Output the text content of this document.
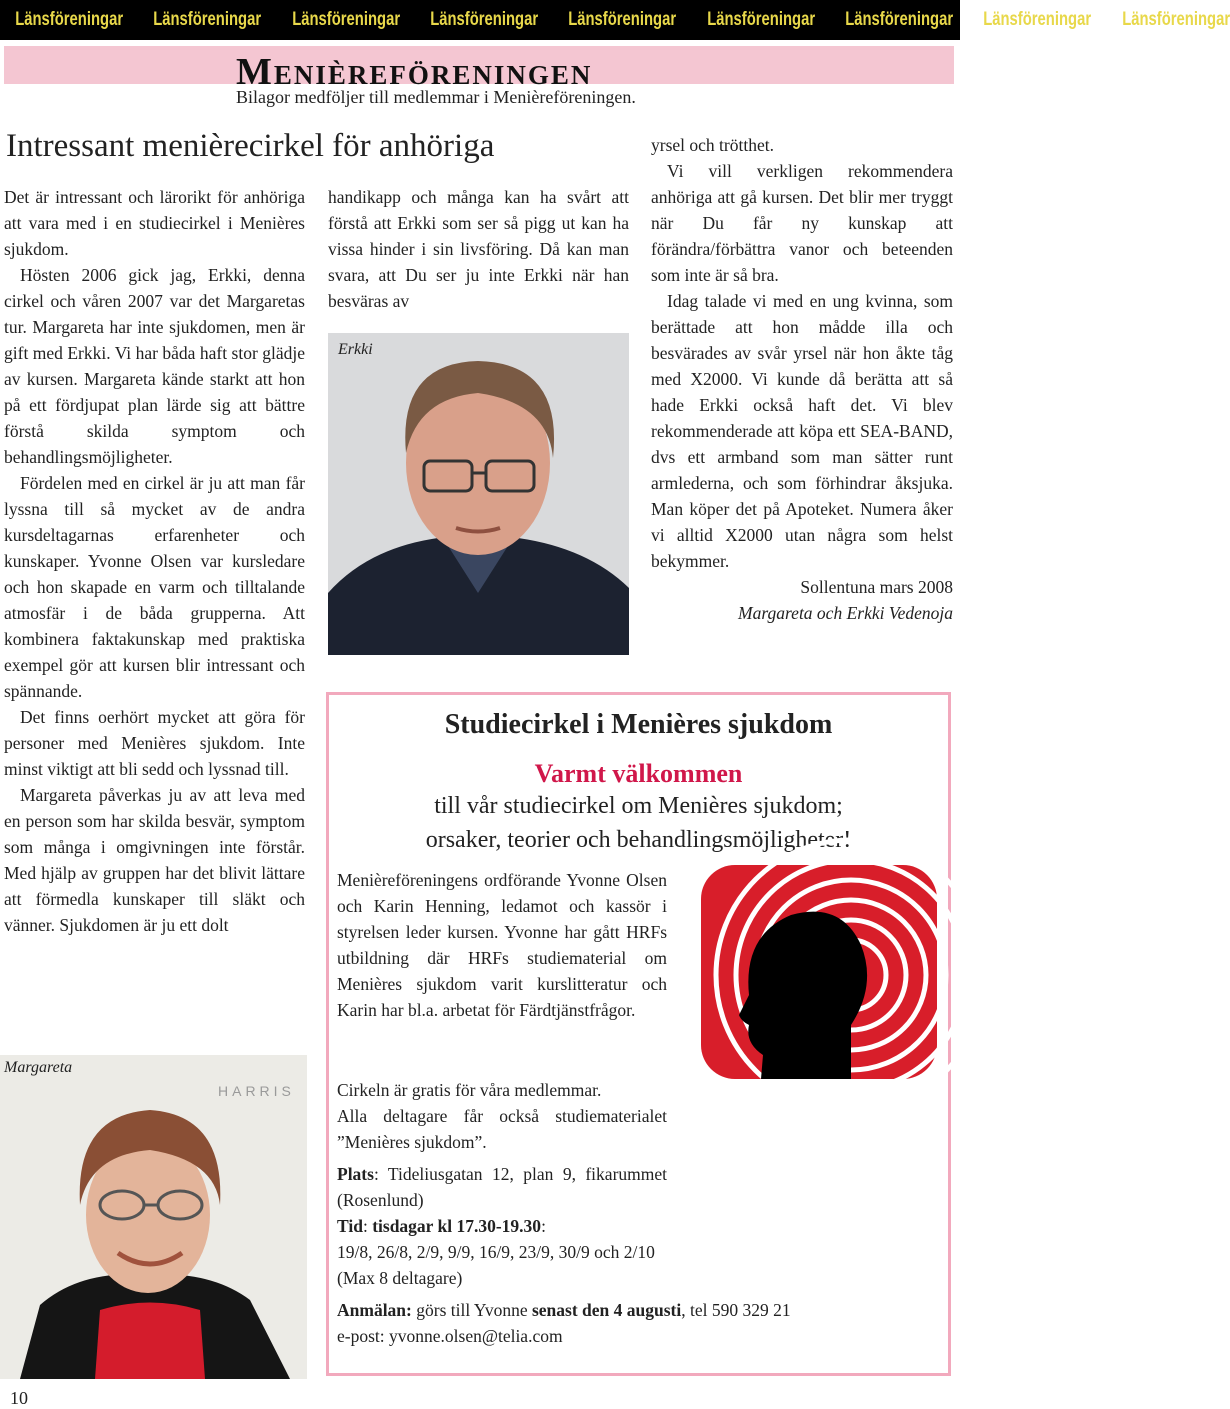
Länsföreningar Länsföreningar Länsföreningar Länsföreningar Länsföreningar Länsföreningar Länsföreningar Länsföreningar Länsföreningar
Menièreföreningen
Bilagor medföljer till medlemmar i Menièreföreningen.
Intressant menièrecirkel för anhöriga

Det är intressant och lärorikt för anhöriga att vara med i en studiecirkel i Menières sjukdom.

Hösten 2006 gick jag, Erkki, denna cirkel och våren 2007 var det Margaretas tur. Margareta har inte sjukdomen, men är gift med Erkki. Vi har båda haft stor glädje av kursen. Margareta kände starkt att hon på ett fördjupat plan lärde sig att bättre förstå skilda symptom och behandlingsmöjligheter.

Fördelen med en cirkel är ju att man får lyssna till så mycket av de andra kursdeltagarnas erfarenheter och kunskaper. Yvonne Olsen var kursledare och hon skapade en varm och tilltalande atmosfär i de båda grupperna. Att kombinera faktakunskap med praktiska exempel gör att kursen blir intressant och spännande.

Det finns oerhört mycket att göra för personer med Menières sjukdom. Inte minst viktigt att bli sedd och lyssnad till.

Margareta påverkas ju av att leva med en person som har skilda besvär, symptom som många i omgivningen inte förstår. Med hjälp av gruppen har det blivit lättare att förmedla kunskaper till släkt och vänner. Sjukdomen är ju ett dolt

HARRIS
Margareta

handikapp och många kan ha svårt att förstå att Erkki som ser så pigg ut kan ha vissa hinder i sin livsföring. Då kan man svara, att Du ser ju inte Erkki när han besväras av

Erkki

yrsel och trötthet.

Vi vill verkligen rekommendera anhöriga att gå kursen. Det blir mer tryggt när Du får ny kunskap att förändra/förbättra vanor och beteenden som inte är så bra.

Idag talade vi med en ung kvinna, som berättade att hon mådde illa och besvärades av svår yrsel när hon åkte tåg med X2000. Vi kunde då berätta att så hade Erkki också haft det. Vi blev rekommenderade att köpa ett SEA-BAND, dvs ett armband som man sätter runt armlederna, och som förhindrar åksjuka. Man köper det på Apoteket. Numera åker vi alltid X2000 utan några som helst bekymmer.

Sollentuna mars 2008

Margareta och Erkki Vedenoja

Studiecirkel i Menières sjukdom
Varmt välkommen
till vår studiecirkel om Menières sjukdom;
orsaker, teorier och behandlingsmöjligheter!

Menièreföreningens ordförande Yvonne Olsen och Karin Henning, ledamot och kassör i styrelsen leder kursen. Yvonne har gått HRFs utbildning där HRFs studiematerial om Menières sjukdom varit kurslitteratur och Karin har bl.a. arbetat för Färdtjänstfrågor.

Cirkeln är gratis för våra medlemmar.

Alla deltagare får också studiematerialet ”Menières sjukdom”.

Plats: Tideliusgatan 12, plan 9, fikarummet (Rosenlund)

Tid: tisdagar kl 17.30-19.30:

19/8, 26/8, 2/9, 9/9, 16/9, 23/9, 30/9 och 2/10

(Max 8 deltagare)

Anmälan: görs till Yvonne senast den 4 augusti, tel 590 329 21

e-post: yvonne.olsen@telia.com

10
